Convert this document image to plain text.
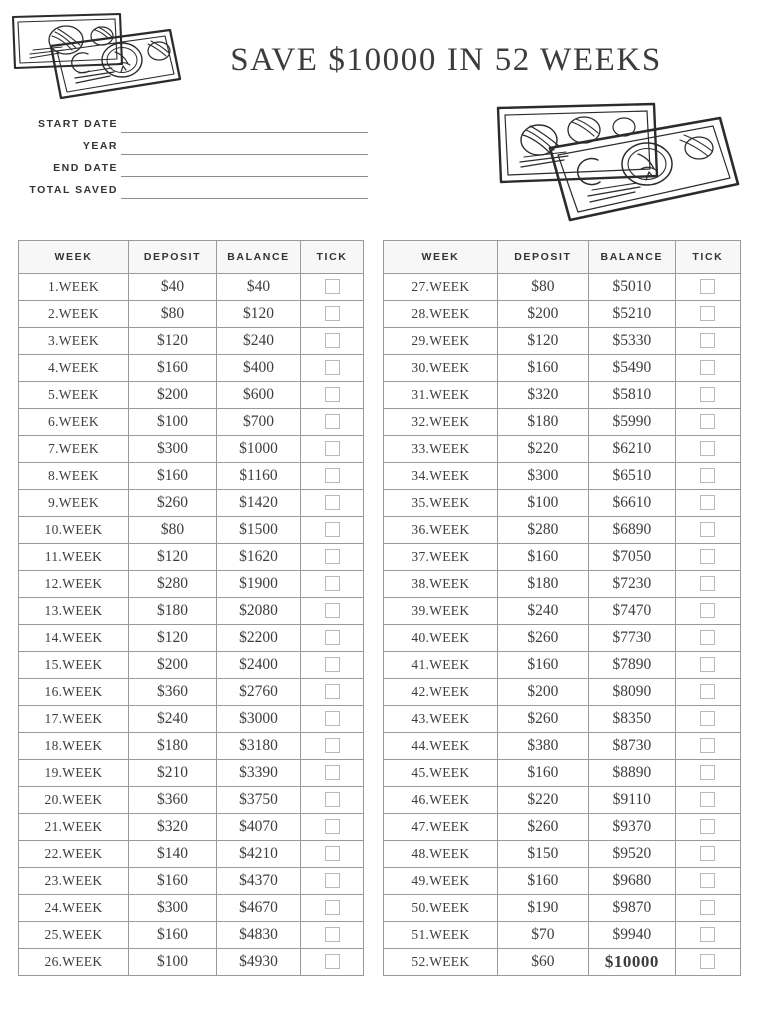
SAVE $10000 IN 52 WEEKS
START DATE
YEAR
END DATE
TOTAL SAVED
WEEK	DEPOSIT	BALANCE	TICK
1.WEEK	$40	$40	
2.WEEK	$80	$120	
3.WEEK	$120	$240	
4.WEEK	$160	$400	
5.WEEK	$200	$600	
6.WEEK	$100	$700	
7.WEEK	$300	$1000	
8.WEEK	$160	$1160	
9.WEEK	$260	$1420	
10.WEEK	$80	$1500	
11.WEEK	$120	$1620	
12.WEEK	$280	$1900	
13.WEEK	$180	$2080	
14.WEEK	$120	$2200	
15.WEEK	$200	$2400	
16.WEEK	$360	$2760	
17.WEEK	$240	$3000	
18.WEEK	$180	$3180	
19.WEEK	$210	$3390	
20.WEEK	$360	$3750	
21.WEEK	$320	$4070	
22.WEEK	$140	$4210	
23.WEEK	$160	$4370	
24.WEEK	$300	$4670	
25.WEEK	$160	$4830	
26.WEEK	$100	$4930	
WEEK	DEPOSIT	BALANCE	TICK
27.WEEK	$80	$5010	
28.WEEK	$200	$5210	
29.WEEK	$120	$5330	
30.WEEK	$160	$5490	
31.WEEK	$320	$5810	
32.WEEK	$180	$5990	
33.WEEK	$220	$6210	
34.WEEK	$300	$6510	
35.WEEK	$100	$6610	
36.WEEK	$280	$6890	
37.WEEK	$160	$7050	
38.WEEK	$180	$7230	
39.WEEK	$240	$7470	
40.WEEK	$260	$7730	
41.WEEK	$160	$7890	
42.WEEK	$200	$8090	
43.WEEK	$260	$8350	
44.WEEK	$380	$8730	
45.WEEK	$160	$8890	
46.WEEK	$220	$9110	
47.WEEK	$260	$9370	
48.WEEK	$150	$9520	
49.WEEK	$160	$9680	
50.WEEK	$190	$9870	
51.WEEK	$70	$9940	
52.WEEK	$60	$10000	
